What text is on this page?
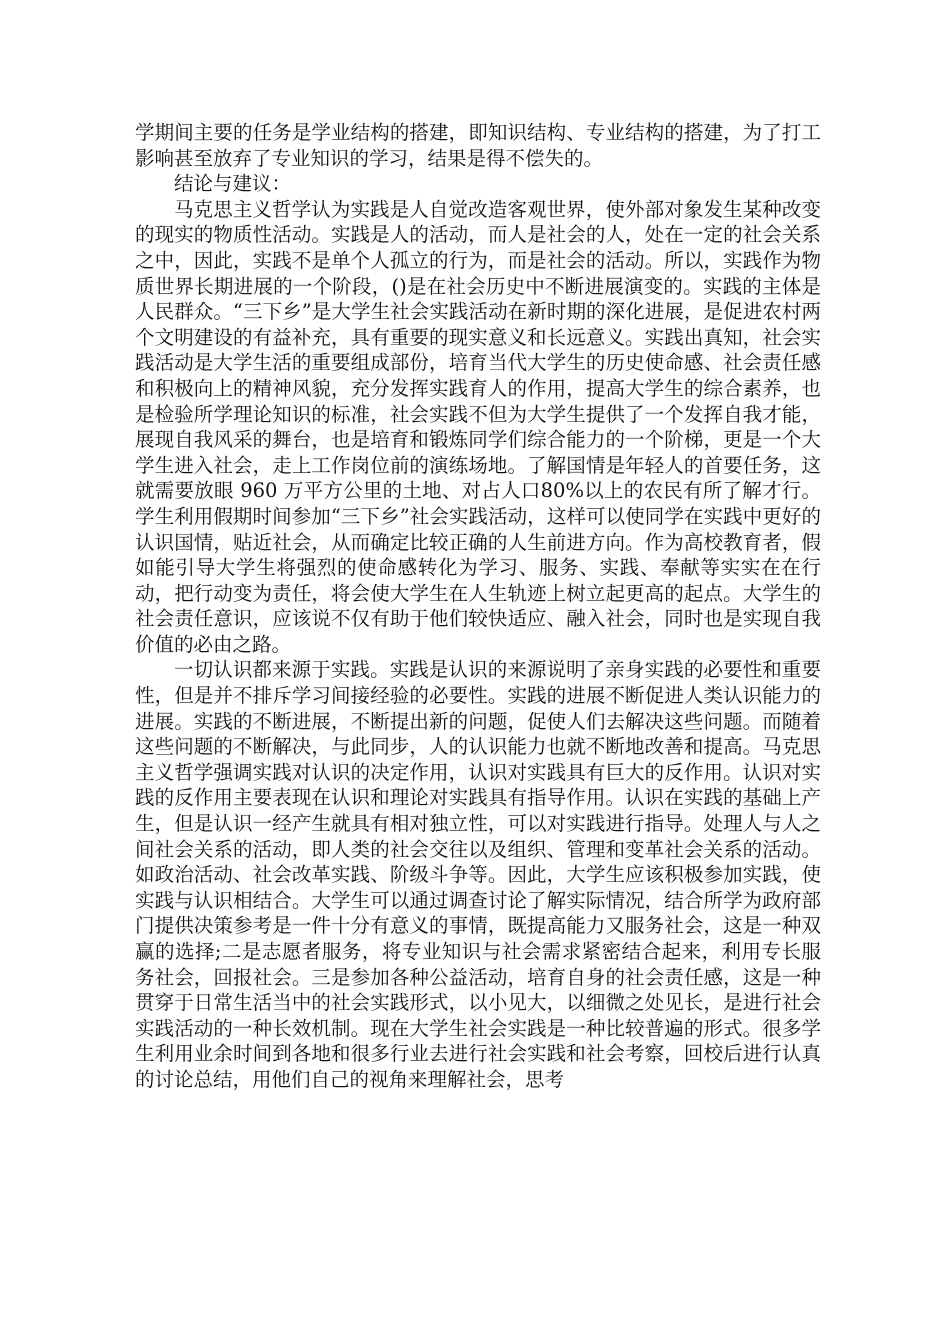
学期间主要的任务是学业结构的搭建，即知识结构、专业结构的搭建，为了打工影响甚至放弃了专业知识的学习，结果是得不偿失的。

结论与建议：

马克思主义哲学认为实践是人自觉改造客观世界，使外部对象发生某种改变的现实的物质性活动。实践是人的活动，而人是社会的人，处在一定的社会关系之中，因此，实践不是单个人孤立的行为，而是社会的活动。所以，实践作为物质世界长期进展的一个阶段，()是在社会历史中不断进展演变的。实践的主体是人民群众。“三下乡”是大学生社会实践活动在新时期的深化进展，是促进农村两个文明建设的有益补充，具有重要的现实意义和长远意义。实践出真知，社会实践活动是大学生活的重要组成部份，培育当代大学生的历史使命感、社会责任感和积极向上的精神风貌，充分发挥实践育人的作用，提高大学生的综合素养，也是检验所学理论知识的标准，社会实践不但为大学生提供了一个发挥自我才能，展现自我风采的舞台，也是培育和锻炼同学们综合能力的一个阶梯，更是一个大学生进入社会，走上工作岗位前的演练场地。了解国情是年轻人的首要任务，这就需要放眼 960 万平方公里的土地、对占人口80%以上的农民有所了解才行。学生利用假期时间参加“三下乡”社会实践活动，这样可以使同学在实践中更好的认识国情，贴近社会，从而确定比较正确的人生前进方向。作为高校教育者，假如能引导大学生将强烈的使命感转化为学习、服务、实践、奉献等实实在在行动，把行动变为责任，将会使大学生在人生轨迹上树立起更高的起点。大学生的社会责任意识，应该说不仅有助于他们较快适应、融入社会，同时也是实现自我价值的必由之路。

一切认识都来源于实践。实践是认识的来源说明了亲身实践的必要性和重要性，但是并不排斥学习间接经验的必要性。实践的进展不断促进人类认识能力的进展。实践的不断进展，不断提出新的问题，促使人们去解决这些问题。而随着这些问题的不断解决，与此同步，人的认识能力也就不断地改善和提高。马克思主义哲学强调实践对认识的决定作用，认识对实践具有巨大的反作用。认识对实践的反作用主要表现在认识和理论对实践具有指导作用。认识在实践的基础上产生，但是认识一经产生就具有相对独立性，可以对实践进行指导。处理人与人之间社会关系的活动，即人类的社会交往以及组织、管理和变革社会关系的活动。如政治活动、社会改革实践、阶级斗争等。因此，大学生应该积极参加实践，使实践与认识相结合。大学生可以通过调查讨论了解实际情况，结合所学为政府部门提供决策参考是一件十分有意义的事情，既提高能力又服务社会，这是一种双赢的选择;二是志愿者服务，将专业知识与社会需求紧密结合起来，利用专长服务社会，回报社会。三是参加各种公益活动，培育自身的社会责任感，这是一种贯穿于日常生活当中的社会实践形式，以小见大，以细微之处见长，是进行社会实践活动的一种长效机制。现在大学生社会实践是一种比较普遍的形式。很多学生利用业余时间到各地和很多行业去进行社会实践和社会考察，回校后进行认真的讨论总结，用他们自己的视角来理解社会，思考
